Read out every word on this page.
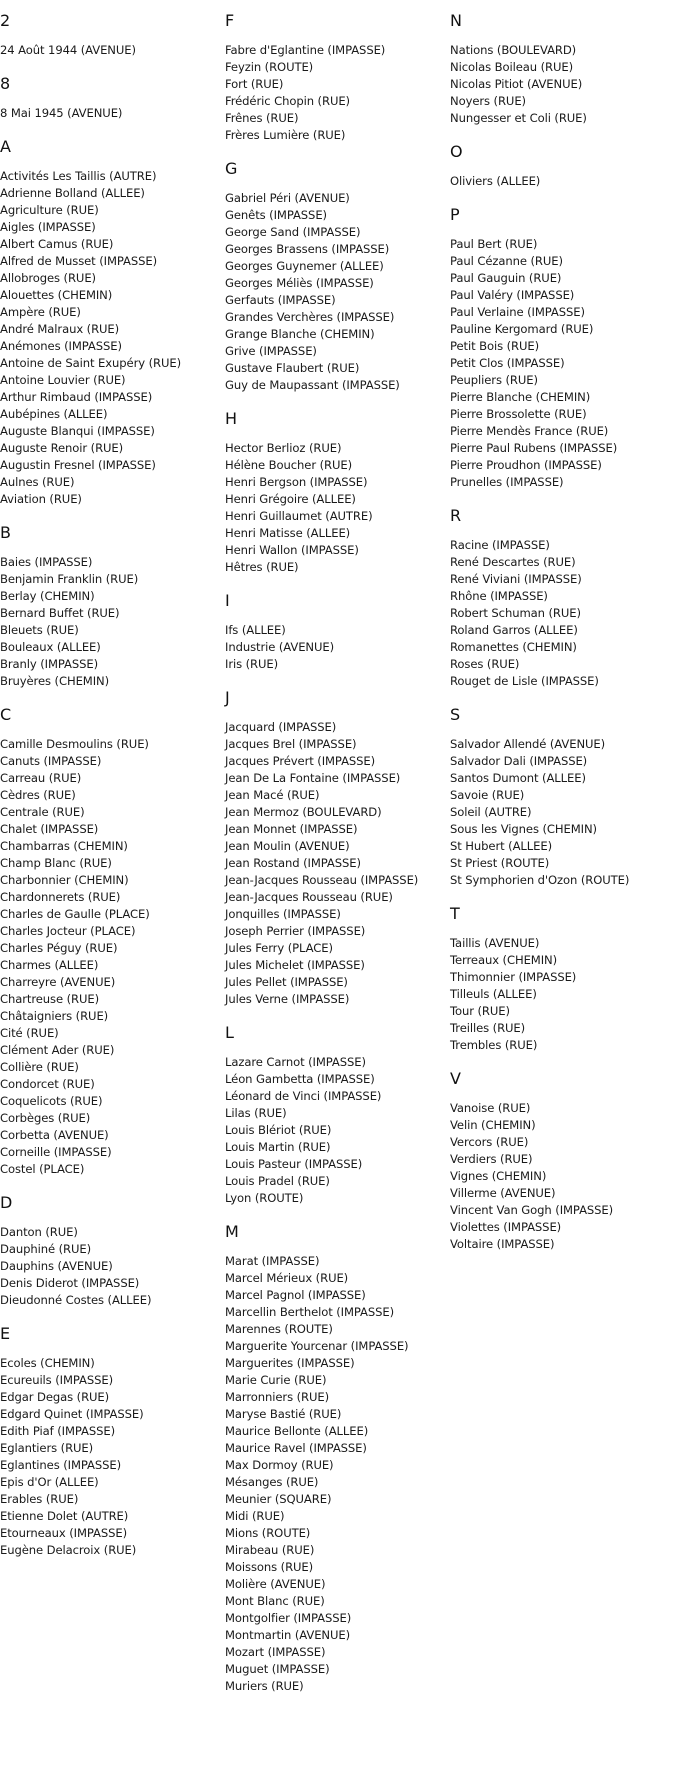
2
24 Août 1944 (AVENUE)
8
8 Mai 1945 (AVENUE)
A
Activités Les Taillis (AUTRE)
Adrienne Bolland (ALLEE)
Agriculture (RUE)
Aigles (IMPASSE)
Albert Camus (RUE)
Alfred de Musset (IMPASSE)
Allobroges (RUE)
Alouettes (CHEMIN)
Ampère (RUE)
André Malraux (RUE)
Anémones (IMPASSE)
Antoine de Saint Exupéry (RUE)
Antoine Louvier (RUE)
Arthur Rimbaud (IMPASSE)
Aubépines (ALLEE)
Auguste Blanqui (IMPASSE)
Auguste Renoir (RUE)
Augustin Fresnel (IMPASSE)
Aulnes (RUE)
Aviation (RUE)
B
Baies (IMPASSE)
Benjamin Franklin (RUE)
Berlay (CHEMIN)
Bernard Buffet (RUE)
Bleuets (RUE)
Bouleaux (ALLEE)
Branly (IMPASSE)
Bruyères (CHEMIN)
C
Camille Desmoulins (RUE)
Canuts (IMPASSE)
Carreau (RUE)
Cèdres (RUE)
Centrale (RUE)
Chalet (IMPASSE)
Chambarras (CHEMIN)
Champ Blanc (RUE)
Charbonnier (CHEMIN)
Chardonnerets (RUE)
Charles de Gaulle (PLACE)
Charles Jocteur (PLACE)
Charles Péguy (RUE)
Charmes (ALLEE)
Charreyre (AVENUE)
Chartreuse (RUE)
Châtaigniers (RUE)
Cité (RUE)
Clément Ader (RUE)
Collière (RUE)
Condorcet (RUE)
Coquelicots (RUE)
Corbèges (RUE)
Corbetta (AVENUE)
Corneille (IMPASSE)
Costel (PLACE)
D
Danton (RUE)
Dauphiné (RUE)
Dauphins (AVENUE)
Denis Diderot (IMPASSE)
Dieudonné Costes (ALLEE)
E
Ecoles (CHEMIN)
Ecureuils (IMPASSE)
Edgar Degas (RUE)
Edgard Quinet (IMPASSE)
Edith Piaf (IMPASSE)
Eglantiers (RUE)
Eglantines (IMPASSE)
Epis d'Or (ALLEE)
Erables (RUE)
Etienne Dolet (AUTRE)
Etourneaux (IMPASSE)
Eugène Delacroix (RUE)
F
Fabre d'Eglantine (IMPASSE)
Feyzin (ROUTE)
Fort (RUE)
Frédéric Chopin (RUE)
Frênes (RUE)
Frères Lumière (RUE)
G
Gabriel Péri (AVENUE)
Genêts (IMPASSE)
George Sand (IMPASSE)
Georges Brassens (IMPASSE)
Georges Guynemer (ALLEE)
Georges Méliès (IMPASSE)
Gerfauts (IMPASSE)
Grandes Verchères (IMPASSE)
Grange Blanche (CHEMIN)
Grive (IMPASSE)
Gustave Flaubert (RUE)
Guy de Maupassant (IMPASSE)
H
Hector Berlioz (RUE)
Hélène Boucher (RUE)
Henri Bergson (IMPASSE)
Henri Grégoire (ALLEE)
Henri Guillaumet (AUTRE)
Henri Matisse (ALLEE)
Henri Wallon (IMPASSE)
Hêtres (RUE)
I
Ifs (ALLEE)
Industrie (AVENUE)
Iris (RUE)
J
Jacquard (IMPASSE)
Jacques Brel (IMPASSE)
Jacques Prévert (IMPASSE)
Jean De La Fontaine (IMPASSE)
Jean Macé (RUE)
Jean Mermoz (BOULEVARD)
Jean Monnet (IMPASSE)
Jean Moulin (AVENUE)
Jean Rostand (IMPASSE)
Jean-Jacques Rousseau (IMPASSE)
Jean-Jacques Rousseau (RUE)
Jonquilles (IMPASSE)
Joseph Perrier (IMPASSE)
Jules Ferry (PLACE)
Jules Michelet (IMPASSE)
Jules Pellet (IMPASSE)
Jules Verne (IMPASSE)
L
Lazare Carnot (IMPASSE)
Léon Gambetta (IMPASSE)
Léonard de Vinci (IMPASSE)
Lilas (RUE)
Louis Blériot (RUE)
Louis Martin (RUE)
Louis Pasteur (IMPASSE)
Louis Pradel (RUE)
Lyon (ROUTE)
M
Marat (IMPASSE)
Marcel Mérieux (RUE)
Marcel Pagnol (IMPASSE)
Marcellin Berthelot (IMPASSE)
Marennes (ROUTE)
Marguerite Yourcenar (IMPASSE)
Marguerites (IMPASSE)
Marie Curie (RUE)
Marronniers (RUE)
Maryse Bastié (RUE)
Maurice Bellonte (ALLEE)
Maurice Ravel (IMPASSE)
Max Dormoy (RUE)
Mésanges (RUE)
Meunier (SQUARE)
Midi (RUE)
Mions (ROUTE)
Mirabeau (RUE)
Moissons (RUE)
Molière (AVENUE)
Mont Blanc (RUE)
Montgolfier (IMPASSE)
Montmartin (AVENUE)
Mozart (IMPASSE)
Muguet (IMPASSE)
Muriers (RUE)
N
Nations (BOULEVARD)
Nicolas Boileau (RUE)
Nicolas Pitiot (AVENUE)
Noyers (RUE)
Nungesser et Coli (RUE)
O
Oliviers (ALLEE)
P
Paul Bert (RUE)
Paul Cézanne (RUE)
Paul Gauguin (RUE)
Paul Valéry (IMPASSE)
Paul Verlaine (IMPASSE)
Pauline Kergomard (RUE)
Petit Bois (RUE)
Petit Clos (IMPASSE)
Peupliers (RUE)
Pierre Blanche (CHEMIN)
Pierre Brossolette (RUE)
Pierre Mendès France (RUE)
Pierre Paul Rubens (IMPASSE)
Pierre Proudhon (IMPASSE)
Prunelles (IMPASSE)
R
Racine (IMPASSE)
René Descartes (RUE)
René Viviani (IMPASSE)
Rhône (IMPASSE)
Robert Schuman (RUE)
Roland Garros (ALLEE)
Romanettes (CHEMIN)
Roses (RUE)
Rouget de Lisle (IMPASSE)
S
Salvador Allendé (AVENUE)
Salvador Dali (IMPASSE)
Santos Dumont (ALLEE)
Savoie (RUE)
Soleil (AUTRE)
Sous les Vignes (CHEMIN)
St Hubert (ALLEE)
St Priest (ROUTE)
St Symphorien d'Ozon (ROUTE)
T
Taillis (AVENUE)
Terreaux (CHEMIN)
Thimonnier (IMPASSE)
Tilleuls (ALLEE)
Tour (RUE)
Treilles (RUE)
Trembles (RUE)
V
Vanoise (RUE)
Velin (CHEMIN)
Vercors (RUE)
Verdiers (RUE)
Vignes (CHEMIN)
Villerme (AVENUE)
Vincent Van Gogh (IMPASSE)
Violettes (IMPASSE)
Voltaire (IMPASSE)
